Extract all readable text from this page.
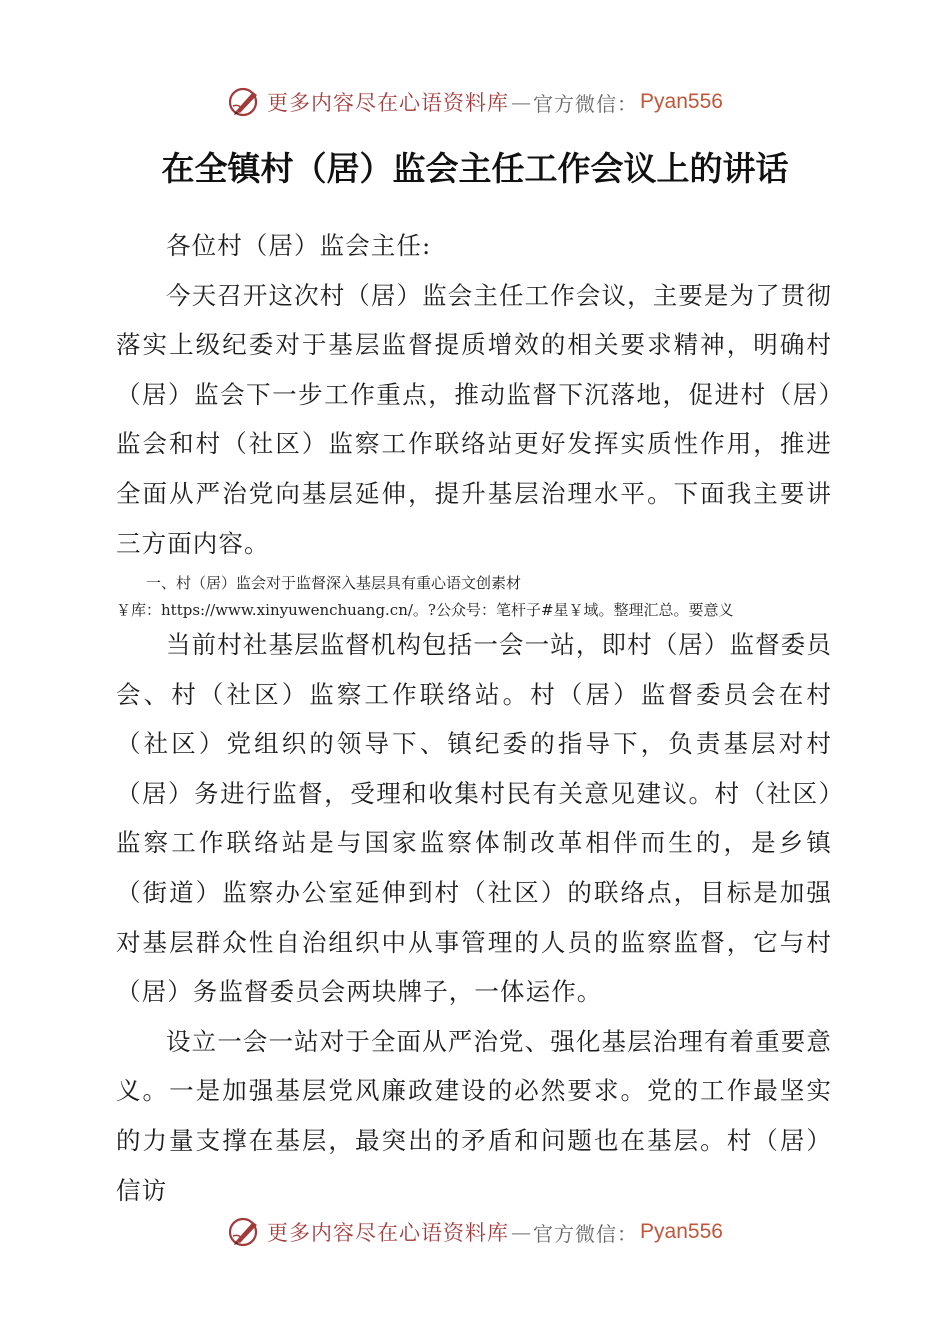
更多内容尽在心语资料库 — 官方微信： Pyan556
在全镇村（居）监会主任工作会议上的讲话

各位村（居）监会主任:

今天召开这次村（居）监会主任工作会议，主要是为了贯彻落实上级纪委对于基层监督提质增效的相关要求精神，明确村（居）监会下一步工作重点，推动监督下沉落地，促进村（居）监会和村（社区）监察工作联络站更好发挥实质性作用，推进全面从严治党向基层延伸，提升基层治理水平。下面我主要讲三方面内容。

一、村（居）监会对于监督深入基层具有重心语文创素材
￥库：https://www.xinyuwenchuang.cn/。?公众号：笔杆子#星￥域。整理汇总。要意义

当前村社基层监督机构包括一会一站，即村（居）监督委员会、村（社区）监察工作联络站。村（居）监督委员会在村（社区）党组织的领导下、镇纪委的指导下，负责基层对村（居）务进行监督，受理和收集村民有关意见建议。村（社区）监察工作联络站是与国家监察体制改革相伴而生的，是乡镇（街道）监察办公室延伸到村（社区）的联络点，目标是加强对基层群众性自治组织中从事管理的人员的监察监督，它与村（居）务监督委员会两块牌子，一体运作。

设立一会一站对于全面从严治党、强化基层治理有着重要意义。一是加强基层党风廉政建设的必然要求。党的工作最坚实的力量支撑在基层，最突出的矛盾和问题也在基层。村（居）信访

更多内容尽在心语资料库 — 官方微信： Pyan556
